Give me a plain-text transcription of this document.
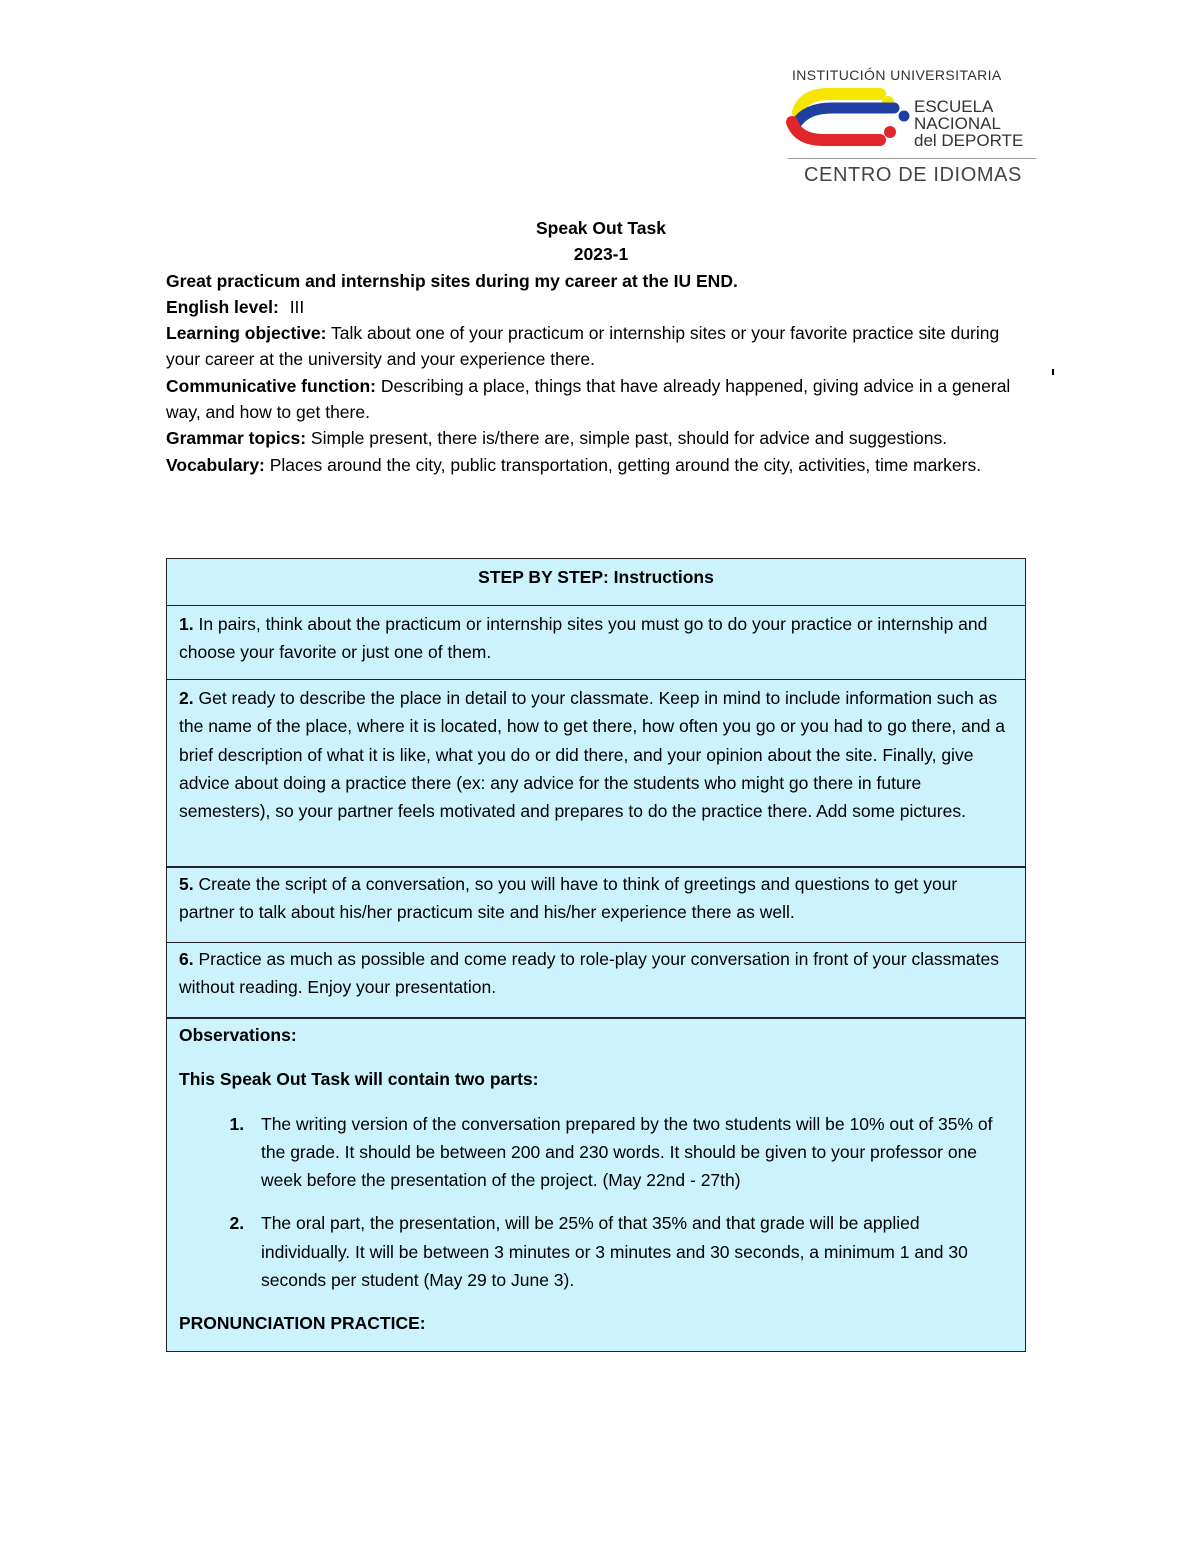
INSTITUCIÓN UNIVERSITARIA
ESCUELA
NACIONAL
del DEPORTE
CENTRO DE IDIOMAS
Speak Out Task
2023-1
Great practicum and internship sites during my career at the IU END.
English level: III
Learning objective: Talk about one of your practicum or internship sites or your favorite practice site during your career at the university and your experience there.
Communicative function: Describing a place, things that have already happened, giving advice in a general way, and how to get there.
Grammar topics: Simple present, there is/there are, simple past, should for advice and suggestions.
Vocabulary: Places around the city, public transportation, getting around the city, activities, time markers.
STEP BY STEP: Instructions
1. In pairs, think about the practicum or internship sites you must go to do your practice or internship and choose your favorite or just one of them.
2. Get ready to describe the place in detail to your classmate. Keep in mind to include information such as the name of the place, where it is located, how to get there, how often you go or you had to go there, and a brief description of what it is like, what you do or did there, and your opinion about the site. Finally, give advice about doing a practice there (ex: any advice for the students who might go there in future semesters), so your partner feels motivated and prepares to do the practice there. Add some pictures.
5. Create the script of a conversation, so you will have to think of greetings and questions to get your partner to talk about his/her practicum site and his/her experience there as well.
6. Practice as much as possible and come ready to role-play your conversation in front of your classmates without reading. Enjoy your presentation.

Observations:

This Speak Out Task will contain two parts:

1. The writing version of the conversation prepared by the two students will be 10% out of 35% of the grade. It should be between 200 and 230 words. It should be given to your professor one week before the presentation of the project. (May 22nd - 27th)
2. The oral part, the presentation, will be 25% of that 35% and that grade will be applied individually. It will be between 3 minutes or 3 minutes and 30 seconds, a minimum 1 and 30 seconds per student (May 29 to June 3).

PRONUNCIATION PRACTICE:
